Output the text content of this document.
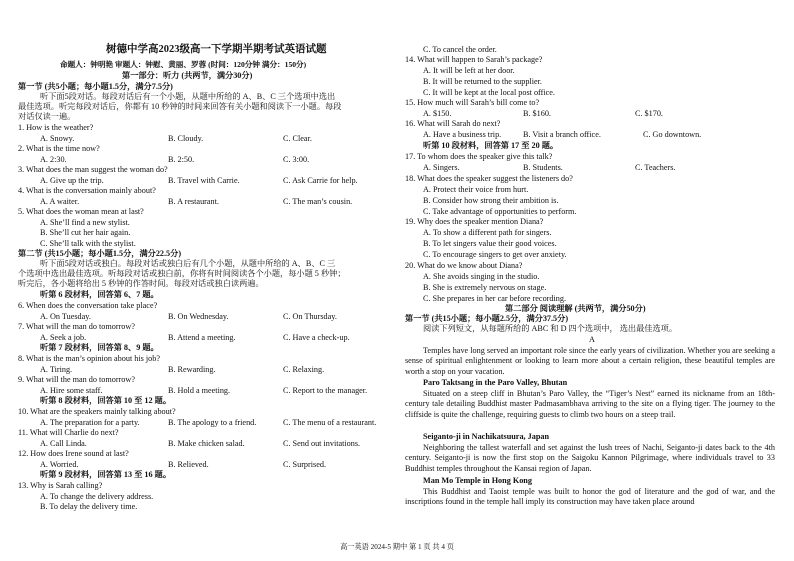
树德中学高2023级高一下学期半期考试英语试题
命题人：钟明艳 审题人：钟慰、黄丽、罗蓉 (时间：120分钟 满分：150分)
第一部分：听力 (共两节，满分30分)
第一节 (共5小题；每小题1.5分，满分7.5分)
听下面5段对话。每段对话后有一个小题，从题中所给的 A、B、C 三个选项中选出
最佳选项。听完每段对话后，你都有 10 秒钟的时间来回答有关小题和阅读下一小题。每段
对话仅读一遍。
1. How is the weather?
A. Snowy.	B. Cloudy.	C. Clear.
2. What is the time now?
A. 2:30.	B. 2:50.	C. 3:00.
3. What does the man suggest the woman do?
A. Give up the trip.	B. Travel with Carrie.	C. Ask Carrie for help.
4. What is the conversation mainly about?
A. A waiter.	B. A restaurant.	C. The man’s cousin.
5. What does the woman mean at last?
A. She’ll find a new stylist.
B. She’ll cut her hair again.
C. She’ll talk with the stylist.
第二节 (共15小题；每小题1.5分，满分22.5分)
听下面5段对话或独白。每段对话或独白后有几个小题，从题中所给的 A、B、C 三
个选项中选出最佳选项。听每段对话或独白前，你将有时间阅读各个小题，每小题 5 秒钟；
听完后，各小题将给出 5 秒钟的作答时间。每段对话或独白读两遍。
听第 6 段材料，回答第 6、7 题。
6. When does the conversation take place?
A. On Tuesday.	B. On Wednesday.	C. On Thursday.
7. What will the man do tomorrow?
A. Seek a job.	B. Attend a meeting.	C. Have a check-up.
听第 7 段材料，回答第 8、9 题。
8. What is the man’s opinion about his job?
A. Tiring.	B. Rewarding.	C. Relaxing.
9. What will the man do tomorrow?
A. Hire some staff.	B. Hold a meeting.	C. Report to the manager.
听第 8 段材料，回答第 10 至 12 题。
10. What are the speakers mainly talking about?
A. The preparation for a party.	B. The apology to a friend.	C. The menu of a restaurant.
11. What will Charlie do next?
A. Call Linda.	B. Make chicken salad.	C. Send out invitations.
12. How does Irene sound at last?
A. Worried.	B. Relieved.	C. Surprised.
听第 9 段材料，回答第 13 至 16 题。
13. Why is Sarah calling?
A. To change the delivery address.
B. To delay the delivery time.
C. To cancel the order.
14. What will happen to Sarah’s package?
A. It will be left at her door.
B. It will be returned to the supplier.
C. It will be kept at the local post office.
15. How much will Sarah’s bill come to?
A. $150.	B. $160.	C. $170.
16. What will Sarah do next?
A. Have a business trip.	B. Visit a branch office.	C. Go downtown.
听第 10 段材料，回答第 17 至 20 题。
17. To whom does the speaker give this talk?
A. Singers.	B. Students.	C. Teachers.
18. What does the speaker suggest the listeners do?
A. Protect their voice from hurt.
B. Consider how strong their ambition is.
C. Take advantage of opportunities to perform.
19. Why does the speaker mention Diana?
A. To show a different path for singers.
B. To let singers value their good voices.
C. To encourage singers to get over anxiety.
20. What do we know about Diana?
A. She avoids singing in the studio.
B. She is extremely nervous on stage.
C. She prepares in her car before recording.
第二部分 阅读理解 (共两节，满分50分)
第一节 (共15小题；每小题2.5分，满分37.5分)
阅读下列短文，从每题所给的 ABC 和 D 四个选项中， 选出最佳选项。
A
Temples have long served an important role since the early years of civilization. Whether you are seeking a sense of spiritual enlightenment or looking to learn more about a certain religion, these beautiful temples are worth a stop on your vacation.
Paro Taktsang in the Paro Valley, Bhutan
Situated on a steep cliff in Bhutan’s Paro Valley, the “Tiger’s Nest” earned its nickname from an 18th-century tale detailing Buddhist master Padmasambhava arriving to the site on a flying tiger. The journey to the cliffside is quite the challenge, requiring guests to climb two hours on a steep trail.
Seiganto-ji in Nachikatsuura, Japan
Neighboring the tallest waterfall and set against the lush trees of Nachi, Seiganto-ji dates back to the 4th century. Seiganto-ji is now the first stop on the Saigoku Kannon Pilgrimage, where individuals travel to 33 Buddhist temples throughout the Kansai region of Japan.
Man Mo Temple in Hong Kong
This Buddhist and Taoist temple was built to honor the god of literature and the god of war, and the inscriptions found in the temple hall imply its construction may have taken place around
高一英语 2024-5 期中 第 1 页 共 4 页
